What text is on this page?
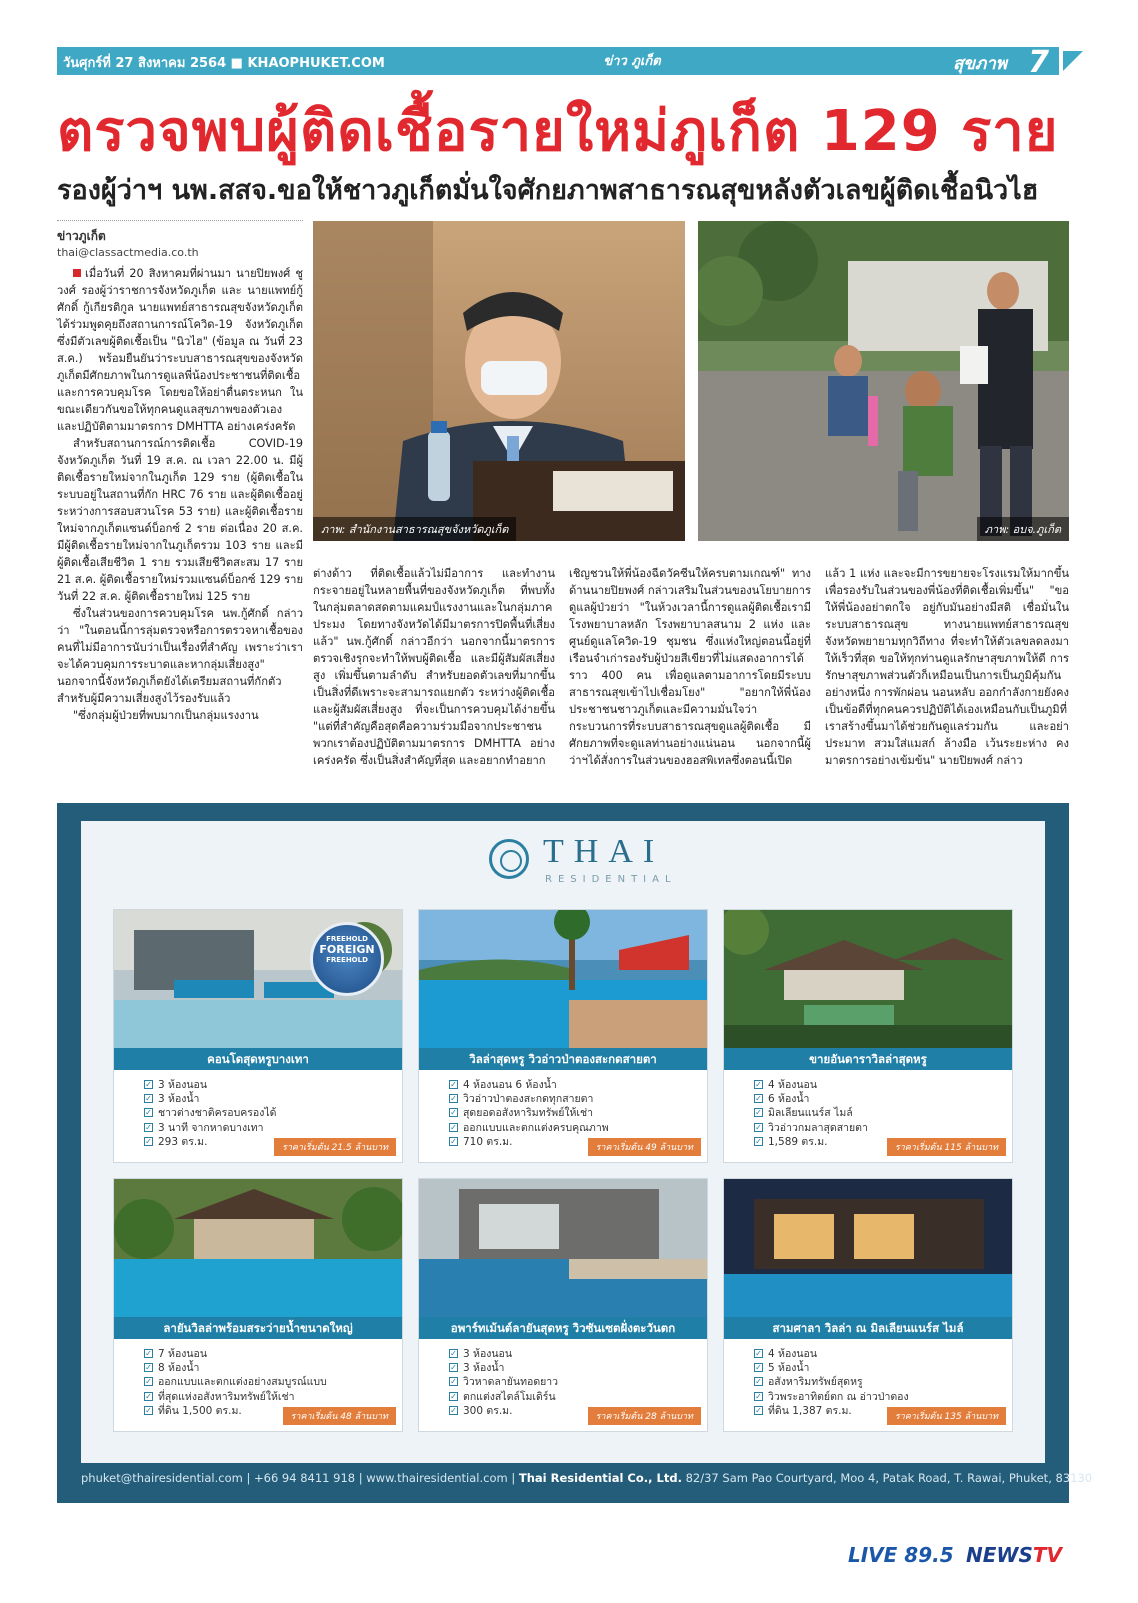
วันศุกร์ที่ 27 สิงหาคม 2564 ■ KHAOPHUKET.COM	ข่าว ภูเก็ต	สุขภาพ 7
ตรวจพบผู้ติดเชื้อรายใหม่ภูเก็ต 129 ราย
รองผู้ว่าฯ นพ.สสจ.ขอให้ชาวภูเก็ตมั่นใจศักยภาพสาธารณสุขหลังตัวเลขผู้ติดเชื้อนิวไฮ
ข่าวภูเก็ต
thai@classactmedia.co.th

เมื่อวันที่ 20 สิงหาคมที่ผ่านมา นายปิยพงศ์ ชูวงศ์ รองผู้ว่าราชการจังหวัดภูเก็ต และ นายแพทย์กู้ศักดิ์ กู้เกียรติกูล นายแพทย์สาธารณสุขจังหวัดภูเก็ต ได้ร่วมพูดคุยถึงสถานการณ์โควิด-19 จังหวัดภูเก็ต ซึ่งมีตัวเลขผู้ติดเชื้อเป็น "นิวไฮ" (ข้อมูล ณ วันที่ 23 ส.ค.) พร้อมยืนยันว่าระบบสาธารณสุขของจังหวัดภูเก็ตมีศักยภาพในการดูแลพี่น้องประชาชนที่ติดเชื้อและการควบคุมโรค โดยขอให้อย่าตื่นตระหนก ในขณะเดียวกันขอให้ทุกคนดูแลสุขภาพของตัวเอง และปฏิบัติตามมาตรการ DMHTTA อย่างเคร่งครัด

สำหรับสถานการณ์การติดเชื้อ COVID-19 จังหวัดภูเก็ต วันที่ 19 ส.ค. ณ เวลา 22.00 น. มีผู้ติดเชื้อรายใหม่จากในภูเก็ต 129 ราย (ผู้ติดเชื้อในระบบอยู่ในสถานที่กัก HRC 76 ราย และผู้ติดเชื้ออยู่ระหว่างการสอบสวนโรค 53 ราย) และผู้ติดเชื้อรายใหม่จากภูเก็ตแซนด์บ็อกซ์ 2 ราย ต่อเนื่อง 20 ส.ค. มีผู้ติดเชื้อรายใหม่จากในภูเก็ตรวม 103 ราย และมีผู้ติดเชื้อเสียชีวิต 1 ราย รวมเสียชีวิตสะสม 17 ราย 21 ส.ค. ผู้ติดเชื้อรายใหม่รวมแซนด์บ็อกซ์ 129 ราย วันที่ 22 ส.ค. ผู้ติดเชื้อรายใหม่ 125 ราย

ซึ่งในส่วนของการควบคุมโรค นพ.กู้ศักดิ์ กล่าวว่า "ในตอนนี้การลุ่มตรวจหรือการตรวจหาเชื้อของคนที่ไม่มีอาการนับว่าเป็นเรื่องที่สำคัญ เพราะว่าเราจะได้ควบคุมการระบาดและหากลุ่มเสี่ยงสูง" นอกจากนี้จังหวัดภูเก็ตยังได้เตรียมสถานที่กักตัวสำหรับผู้มีความเสี่ยงสูงไว้รองรับแล้ว

"ซึ่งกลุ่มผู้ป่วยที่พบมากเป็นกลุ่มแรงงาน

ภาพ: สำนักงานสาธารณสุขจังหวัดภูเก็ต	ภาพ: อบจ.ภูเก็ต

ต่างด้าว ที่ติดเชื้อแล้วไม่มีอาการ และทำงานกระจายอยู่ในหลายพื้นที่ของจังหวัดภูเก็ต ที่พบทั้งในกลุ่มตลาดสดตามแคมป์แรงงานและในกลุ่มภาคประมง โดยทางจังหวัดได้มีมาตรการปิดพื้นที่เสี่ยงแล้ว" นพ.กู้ศักดิ์ กล่าวอีกว่า นอกจากนี้มาตรการตรวจเชิงรุกจะทำให้พบผู้ติดเชื้อ และมีผู้สัมผัสเสี่ยงสูง เพิ่มขึ้นตามลำดับ สำหรับยอดตัวเลขที่มากขึ้นเป็นสิ่งที่ดีเพราะจะสามารถแยกตัว ระหว่างผู้ติดเชื้อและผู้สัมผัสเสี่ยงสูง ที่จะเป็นการควบคุมได้ง่ายขึ้น "แต่ที่สำคัญคือสุดคือความร่วมมือจากประชาชนพวกเราต้องปฏิบัติตามมาตรการ DMHTTA อย่างเคร่งครัด ซึ่งเป็นสิ่งสำคัญที่สุด และอยากทำอยาก

เชิญชวนให้พี่น้องฉีดวัคซีนให้ครบตามเกณฑ์" ทางด้านนายปิยพงศ์ กล่าวเสริมในส่วนของนโยบายการดูแลผู้ป่วยว่า "ในห้วงเวลานี้การดูแลผู้ติดเชื้อเรามีโรงพยาบาลหลัก โรงพยาบาลสนาม 2 แห่ง และศูนย์ดูแลโควิด-19 ชุมชน ซึ่งแห่งใหญ่ตอนนี้อยู่ที่เรือนจำเก่ารองรับผู้ป่วยสีเขียวที่ไม่แสดงอาการได้ราว 400 คน เพื่อดูแลตามอาการโดยมีระบบสาธารณสุขเข้าไปเชื่อมโยง" "อยากให้พี่น้องประชาชนชาวภูเก็ตและมีความมั่นใจว่า กระบวนการที่ระบบสาธารณสุขดูแลผู้ติดเชื้อ มีศักยภาพที่จะดูแลท่านอย่างแน่นอน นอกจากนี้ผู้ว่าฯได้สั่งการในส่วนของฮอสพิเทลซึ่งตอนนี้เปิด

แล้ว 1 แห่ง และจะมีการขยายจะโรงแรมให้มากขึ้นเพื่อรองรับในส่วนของพี่น้องที่ติดเชื้อเพิ่มขึ้น" "ขอให้พี่น้องอย่าตกใจ อยู่กับมันอย่างมีสติ เชื่อมั่นในระบบสาธารณสุข ทางนายแพทย์สาธารณสุขจังหวัดพยายามทุกวิถีทาง ที่จะทำให้ตัวเลขลดลงมาให้เร็วที่สุด ขอให้ทุกท่านดูแลรักษาสุขภาพให้ดี การรักษาสุขภาพส่วนตัวก็เหมือนเป็นการเป็นภูมิคุ้มกันอย่างหนึ่ง การพักผ่อน นอนหลับ ออกกำลังกายยังคงเป็นข้อดีที่ทุกคนควรปฏิบัติได้เองเหมือนกับเป็นภูมิที่เราสร้างขึ้นมาได้ช่วยกันดูแลร่วมกัน และอย่าประมาท สวมใส่แมสก์ ล้างมือ เว้นระยะห่าง คงมาตรการอย่างเข้มข้น" นายปิยพงศ์ กล่าว

THAI
RESIDENTIAL
FREEHOLD
FOREIGN
FREEHOLD
คอนโดสุดหรูบางเทา
✓ 3 ห้องนอน
✓ 3 ห้องน้ำ
✓ ชาวต่างชาติครอบครองได้
✓ 3 นาที จากหาดบางเทา
✓ 293 ตร.ม.
ราคาเริ่มต้น 21.5 ล้านบาท
วิลล่าสุดหรู วิวอ่าวป่าตองสะกดสายตา
✓ 4 ห้องนอน 6 ห้องน้ำ
✓ วิวอ่าวป่าตองสะกดทุกสายตา
✓ สุดยอดอสังหาริมทรัพย์ให้เช่า
✓ ออกแบบและตกแต่งครบคุณภาพ
✓ 710 ตร.ม.
ราคาเริ่มต้น 49 ล้านบาท
ขายอันดาราวิลล่าสุดหรู
✓ 4 ห้องนอน
✓ 6 ห้องน้ำ
✓ มิลเลียนแนร์ส ไมล์
✓ วิวอ่าวกมลาสุดสายตา
✓ 1,589 ตร.ม.
ราคาเริ่มต้น 115 ล้านบาท
ลายันวิลล่าพร้อมสระว่ายน้ำขนาดใหญ่
✓ 7 ห้องนอน
✓ 8 ห้องน้ำ
✓ ออกแบบและตกแต่งอย่างสมบูรณ์แบบ
✓ ที่สุดแห่งอสังหาริมทรัพย์ให้เช่า
✓ ที่ดิน 1,500 ตร.ม.
ราคาเริ่มต้น 48 ล้านบาท
อพาร์ทเม้นต์ลายันสุดหรู วิวซันเซตฝั่งตะวันตก
✓ 3 ห้องนอน
✓ 3 ห้องน้ำ
✓ วิวหาดลายันทอดยาว
✓ ตกแต่งสไตล์โมเดิร์น
✓ 300 ตร.ม.
ราคาเริ่มต้น 28 ล้านบาท
สามศาลา วิลล่า ณ มิลเลียนแนร์ส ไมล์
✓ 4 ห้องนอน
✓ 5 ห้องน้ำ
✓ อสังหาริมทรัพย์สุดหรู
✓ วิวพระอาทิตย์ตก ณ อ่าวป่าตอง
✓ ที่ดิน 1,387 ตร.ม.
ราคาเริ่มต้น 135 ล้านบาท
phuket@thairesidential.com | +66 94 8411 918 | www.thairesidential.com | Thai Residential Co., Ltd. 82/37 Sam Pao Courtyard, Moo 4, Patak Road, T. Rawai, Phuket, 83130
LIVE 89.5 NEWSTV
